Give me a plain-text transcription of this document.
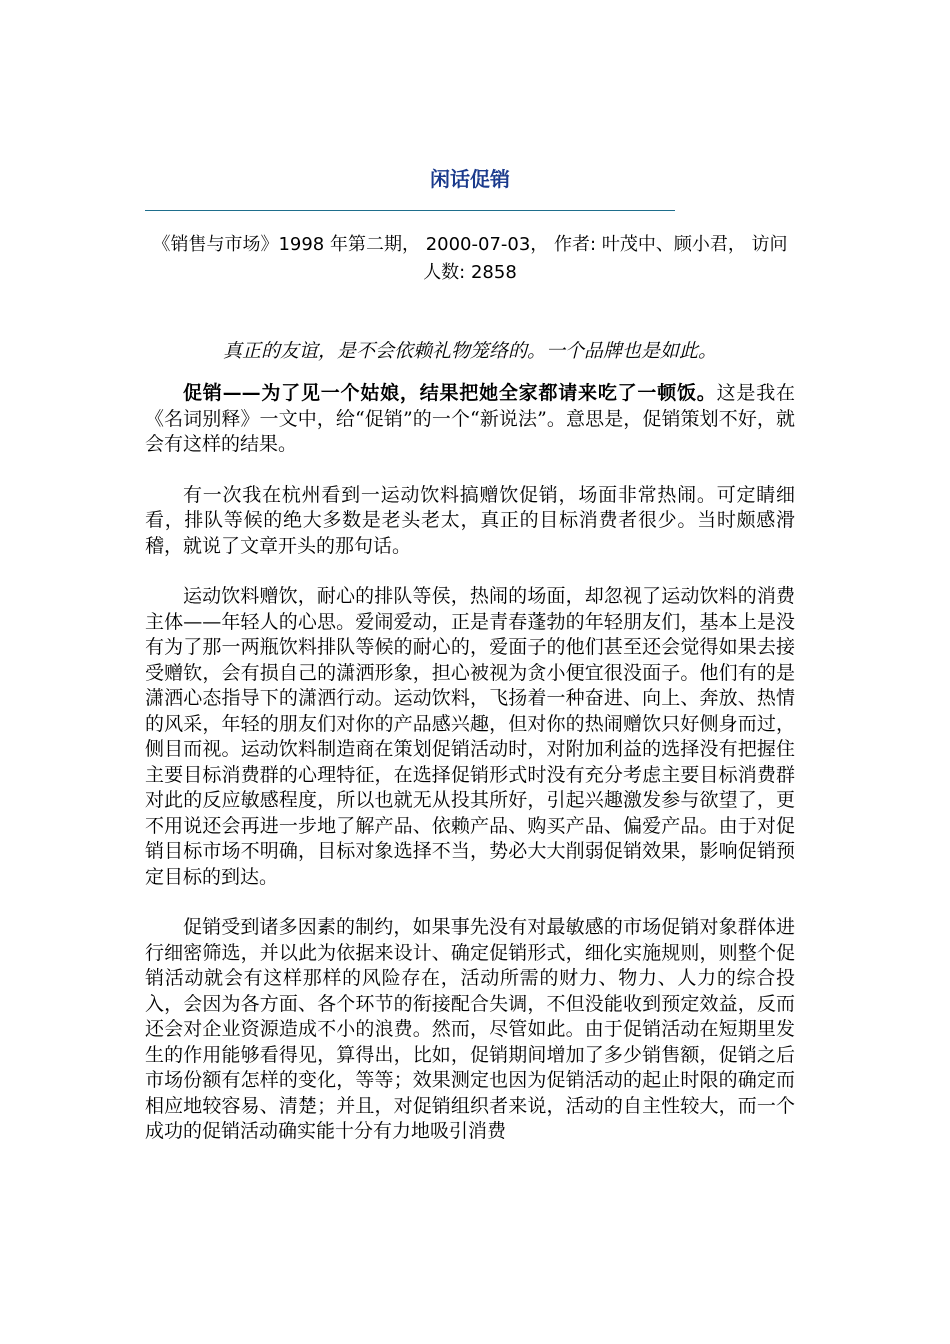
闲话促销
《销售与市场》1998 年第二期， 2000-07-03， 作者: 叶茂中、顾小君， 访问人数: 2858
真正的友谊，是不会依赖礼物笼络的。一个品牌也是如此。

促销——为了见一个姑娘，结果把她全家都请来吃了一顿饭。这是我在《名词别释》一文中，给“促销”的一个“新说法”。意思是，促销策划不好，就会有这样的结果。

有一次我在杭州看到一运动饮料搞赠饮促销，场面非常热闹。可定睛细看，排队等候的绝大多数是老头老太，真正的目标消费者很少。当时颇感滑稽，就说了文章开头的那句话。

运动饮料赠饮，耐心的排队等侯，热闹的场面，却忽视了运动饮料的消费主体——年轻人的心思。爱闹爱动，正是青春蓬勃的年轻朋友们，基本上是没有为了那一两瓶饮料排队等候的耐心的，爱面子的他们甚至还会觉得如果去接受赠钦，会有损自己的潇洒形象，担心被视为贪小便宜很没面子。他们有的是潇洒心态指导下的潇洒行动。运动饮料，飞扬着一种奋进、向上、奔放、热情的风采，年轻的朋友们对你的产品感兴趣，但对你的热闹赠饮只好侧身而过，侧目而视。运动饮料制造商在策划促销活动时，对附加利益的选择没有把握住主要目标消费群的心理特征，在选择促销形式时没有充分考虑主要目标消费群对此的反应敏感程度，所以也就无从投其所好，引起兴趣激发参与欲望了，更不用说还会再进一步地了解产品、依赖产品、购买产品、偏爱产品。由于对促销目标市场不明确，目标对象选择不当，势必大大削弱促销效果，影响促销预定目标的到达。

促销受到诸多因素的制约，如果事先没有对最敏感的市场促销对象群体进行细密筛选，并以此为依据来设计、确定促销形式，细化实施规则，则整个促销活动就会有这样那样的风险存在，活动所需的财力、物力、人力的综合投入，会因为各方面、各个环节的衔接配合失调，不但没能收到预定效益，反而还会对企业资源造成不小的浪费。然而，尽管如此。由于促销活动在短期里发生的作用能够看得见，算得出，比如，促销期间增加了多少销售额，促销之后市场份额有怎样的变化，等等；效果测定也因为促销活动的起止时限的确定而相应地较容易、清楚；并且，对促销组织者来说，活动的自主性较大，而一个成功的促销活动确实能十分有力地吸引消费
